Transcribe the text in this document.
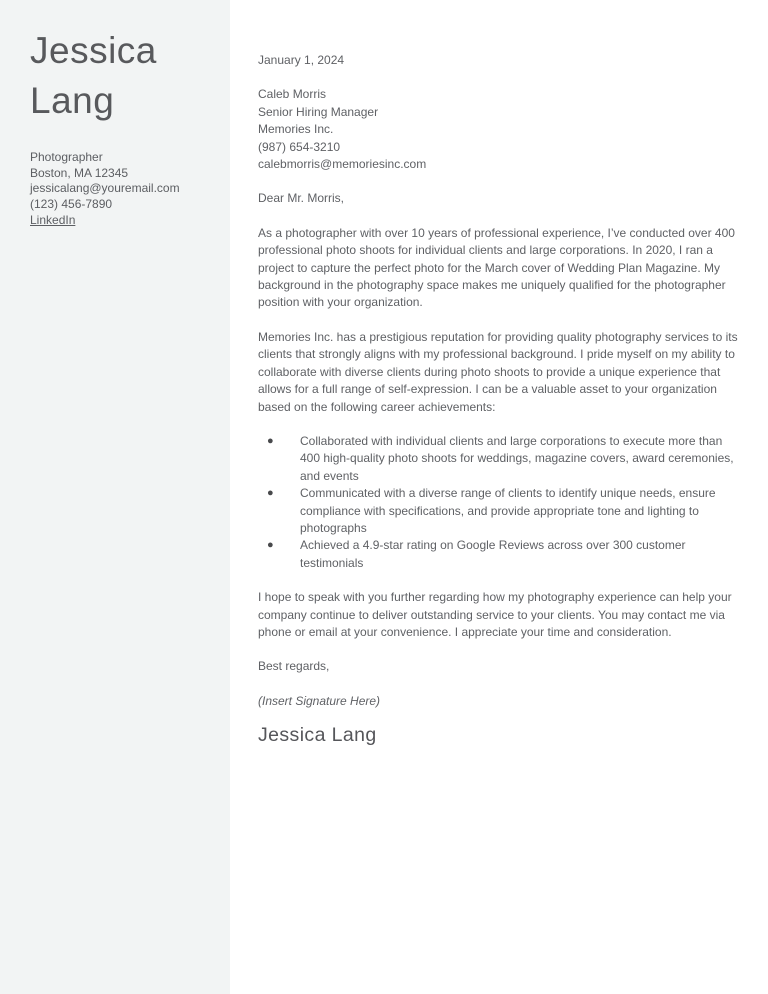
Jessica
Lang
Photographer
Boston, MA 12345
jessicalang@youremail.com
(123) 456-7890
LinkedIn

January 1, 2024

Caleb Morris
Senior Hiring Manager
Memories Inc.
(987) 654-3210
calebmorris@memoriesinc.com

Dear Mr. Morris,

As a photographer with over 10 years of professional experience, I’ve conducted over 400 professional photo shoots for individual clients and large corporations. In 2020, I ran a project to capture the perfect photo for the March cover of Wedding Plan Magazine. My background in the photography space makes me uniquely qualified for the photographer position with your organization.

Memories Inc. has a prestigious reputation for providing quality photography services to its clients that strongly aligns with my professional background. I pride myself on my ability to collaborate with diverse clients during photo shoots to provide a unique experience that allows for a full range of self-expression. I can be a valuable asset to your organization based on the following career achievements:

● Collaborated with individual clients and large corporations to execute more than 400 high-quality photo shoots for weddings, magazine covers, award ceremonies, and events
● Communicated with a diverse range of clients to identify unique needs, ensure compliance with specifications, and provide appropriate tone and lighting to photographs
● Achieved a 4.9-star rating on Google Reviews across over 300 customer testimonials

I hope to speak with you further regarding how my photography experience can help your company continue to deliver outstanding service to your clients. You may contact me via phone or email at your convenience. I appreciate your time and consideration.

Best regards,

(Insert Signature Here)

Jessica Lang
